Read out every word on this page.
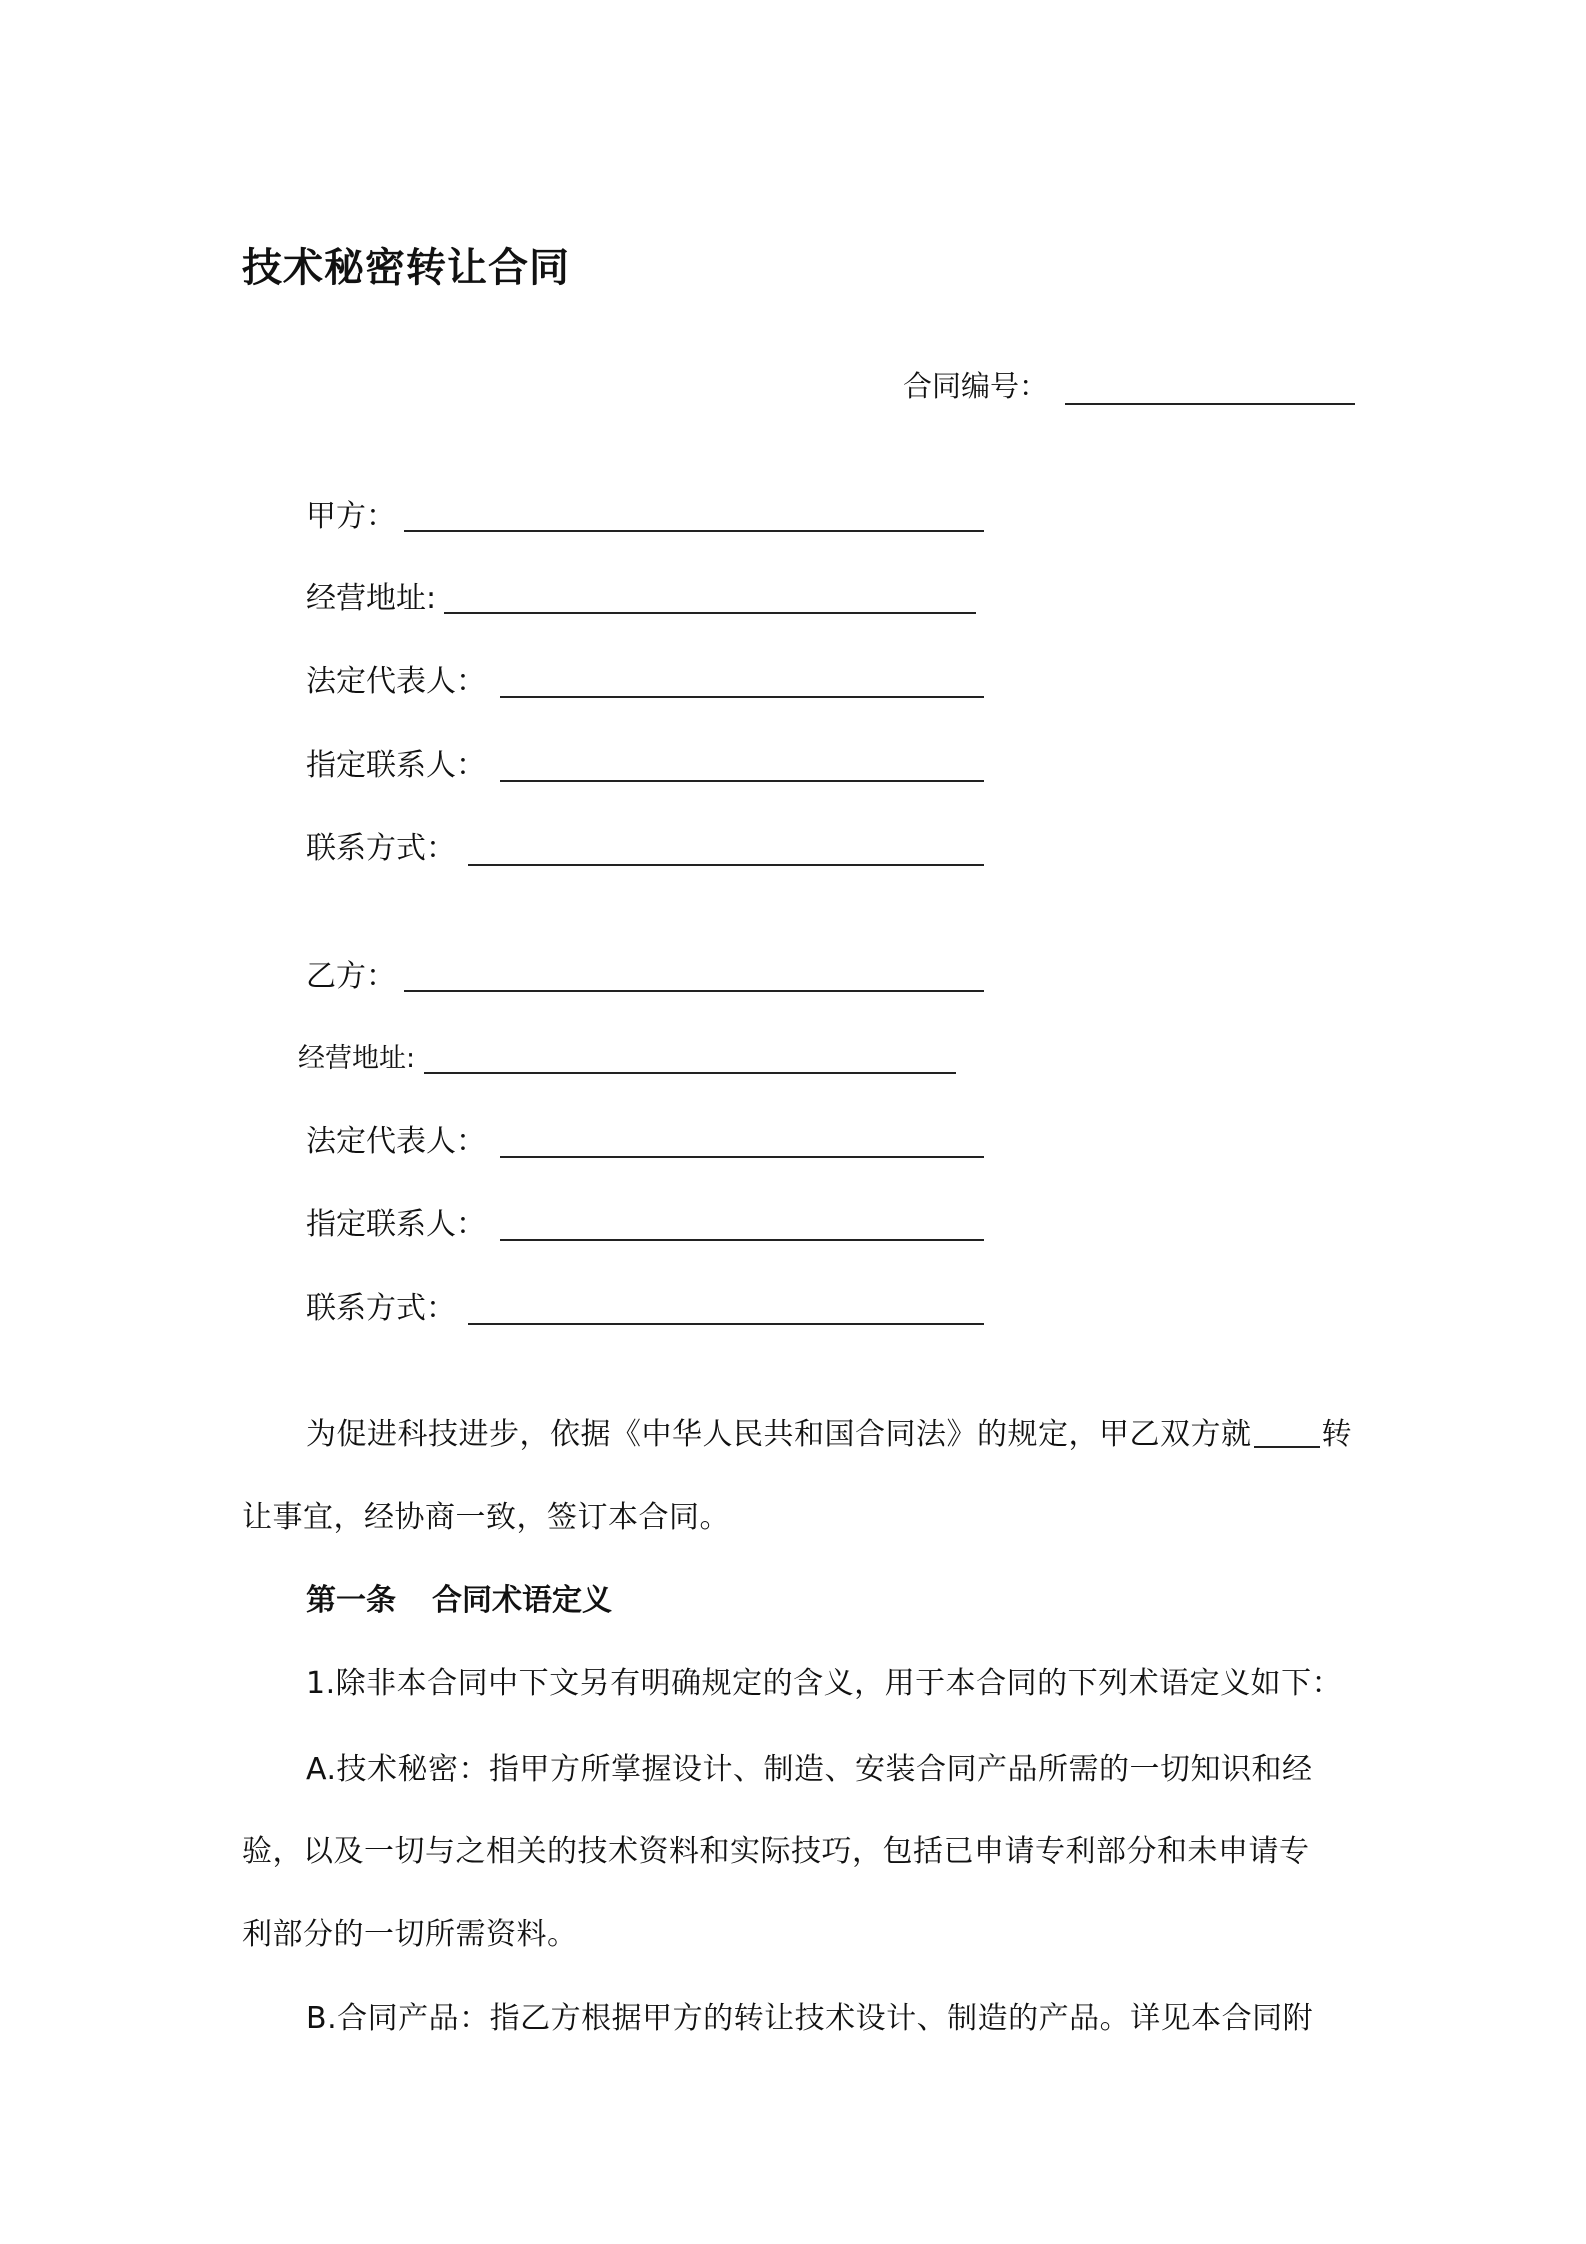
技术秘密转让合同
合同编号：
甲方：
经营地址:
法定代表人：
指定联系人：
联系方式：
乙方：
经营地址:
法定代表人：
指定联系人：
联系方式：
为促进科技进步，依据《中华人民共和国合同法》的规定，甲乙双方就 转
让事宜，经协商一致，签订本合同。
第一条 合同术语定义
1.除非本合同中下文另有明确规定的含义，用于本合同的下列术语定义如下：
A.技术秘密：指甲方所掌握设计、制造、安装合同产品所需的一切知识和经
验，以及一切与之相关的技术资料和实际技巧，包括已申请专利部分和未申请专
利部分的一切所需资料。
B.合同产品：指乙方根据甲方的转让技术设计、制造的产品。详见本合同附
